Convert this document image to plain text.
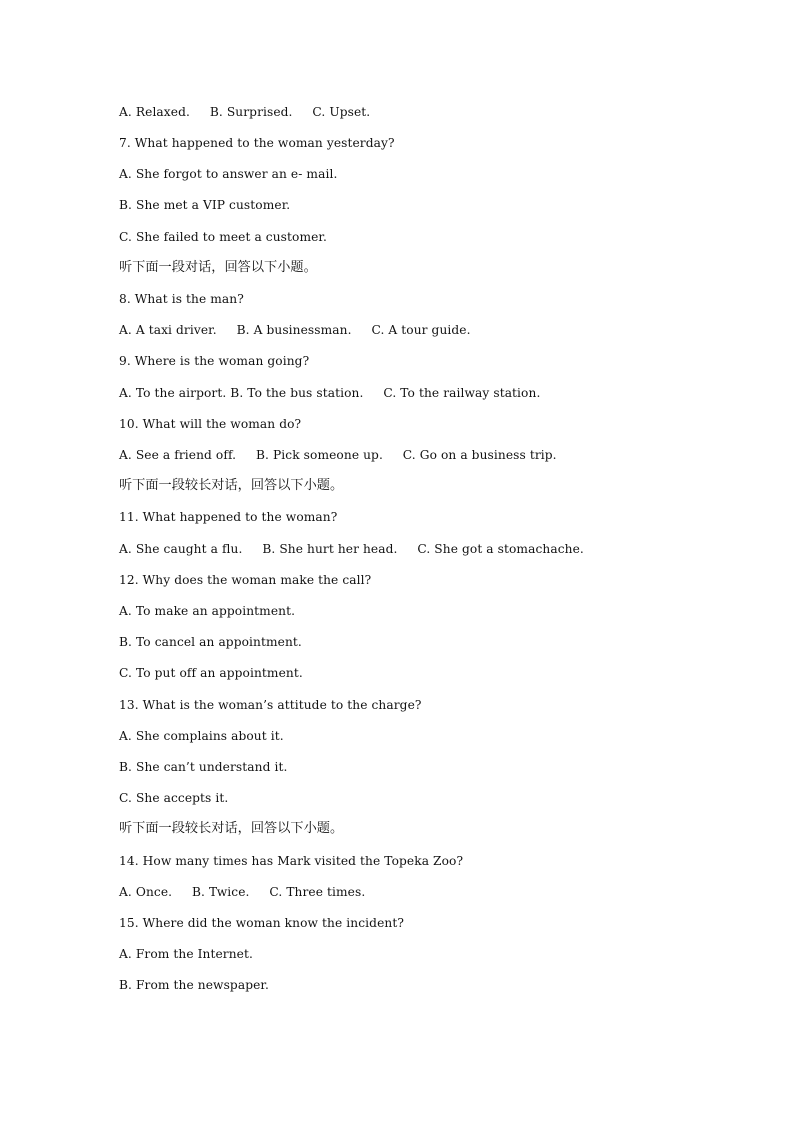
A. Relaxed.     B. Surprised.     C. Upset.
7. What happened to the woman yesterday?
A. She forgot to answer an e- mail.
B. She met a VIP customer.
C. She failed to meet a customer.
听下面一段对话，回答以下小题。
8. What is the man?
A. A taxi driver.     B. A businessman.     C. A tour guide.
9. Where is the woman going?
A. To the airport. B. To the bus station.     C. To the railway station.
10. What will the woman do?
A. See a friend off.     B. Pick someone up.     C. Go on a business trip.
听下面一段较长对话，回答以下小题。
11. What happened to the woman?
A. She caught a flu.     B. She hurt her head.     C. She got a stomachache.
12. Why does the woman make the call?
A. To make an appointment.
B. To cancel an appointment.
C. To put off an appointment.
13. What is the woman’s attitude to the charge?
A. She complains about it.
B. She can’t understand it.
C. She accepts it.
听下面一段较长对话，回答以下小题。
14. How many times has Mark visited the Topeka Zoo?
A. Once.     B. Twice.     C. Three times.
15. Where did the woman know the incident?
A. From the Internet.
B. From the newspaper.
